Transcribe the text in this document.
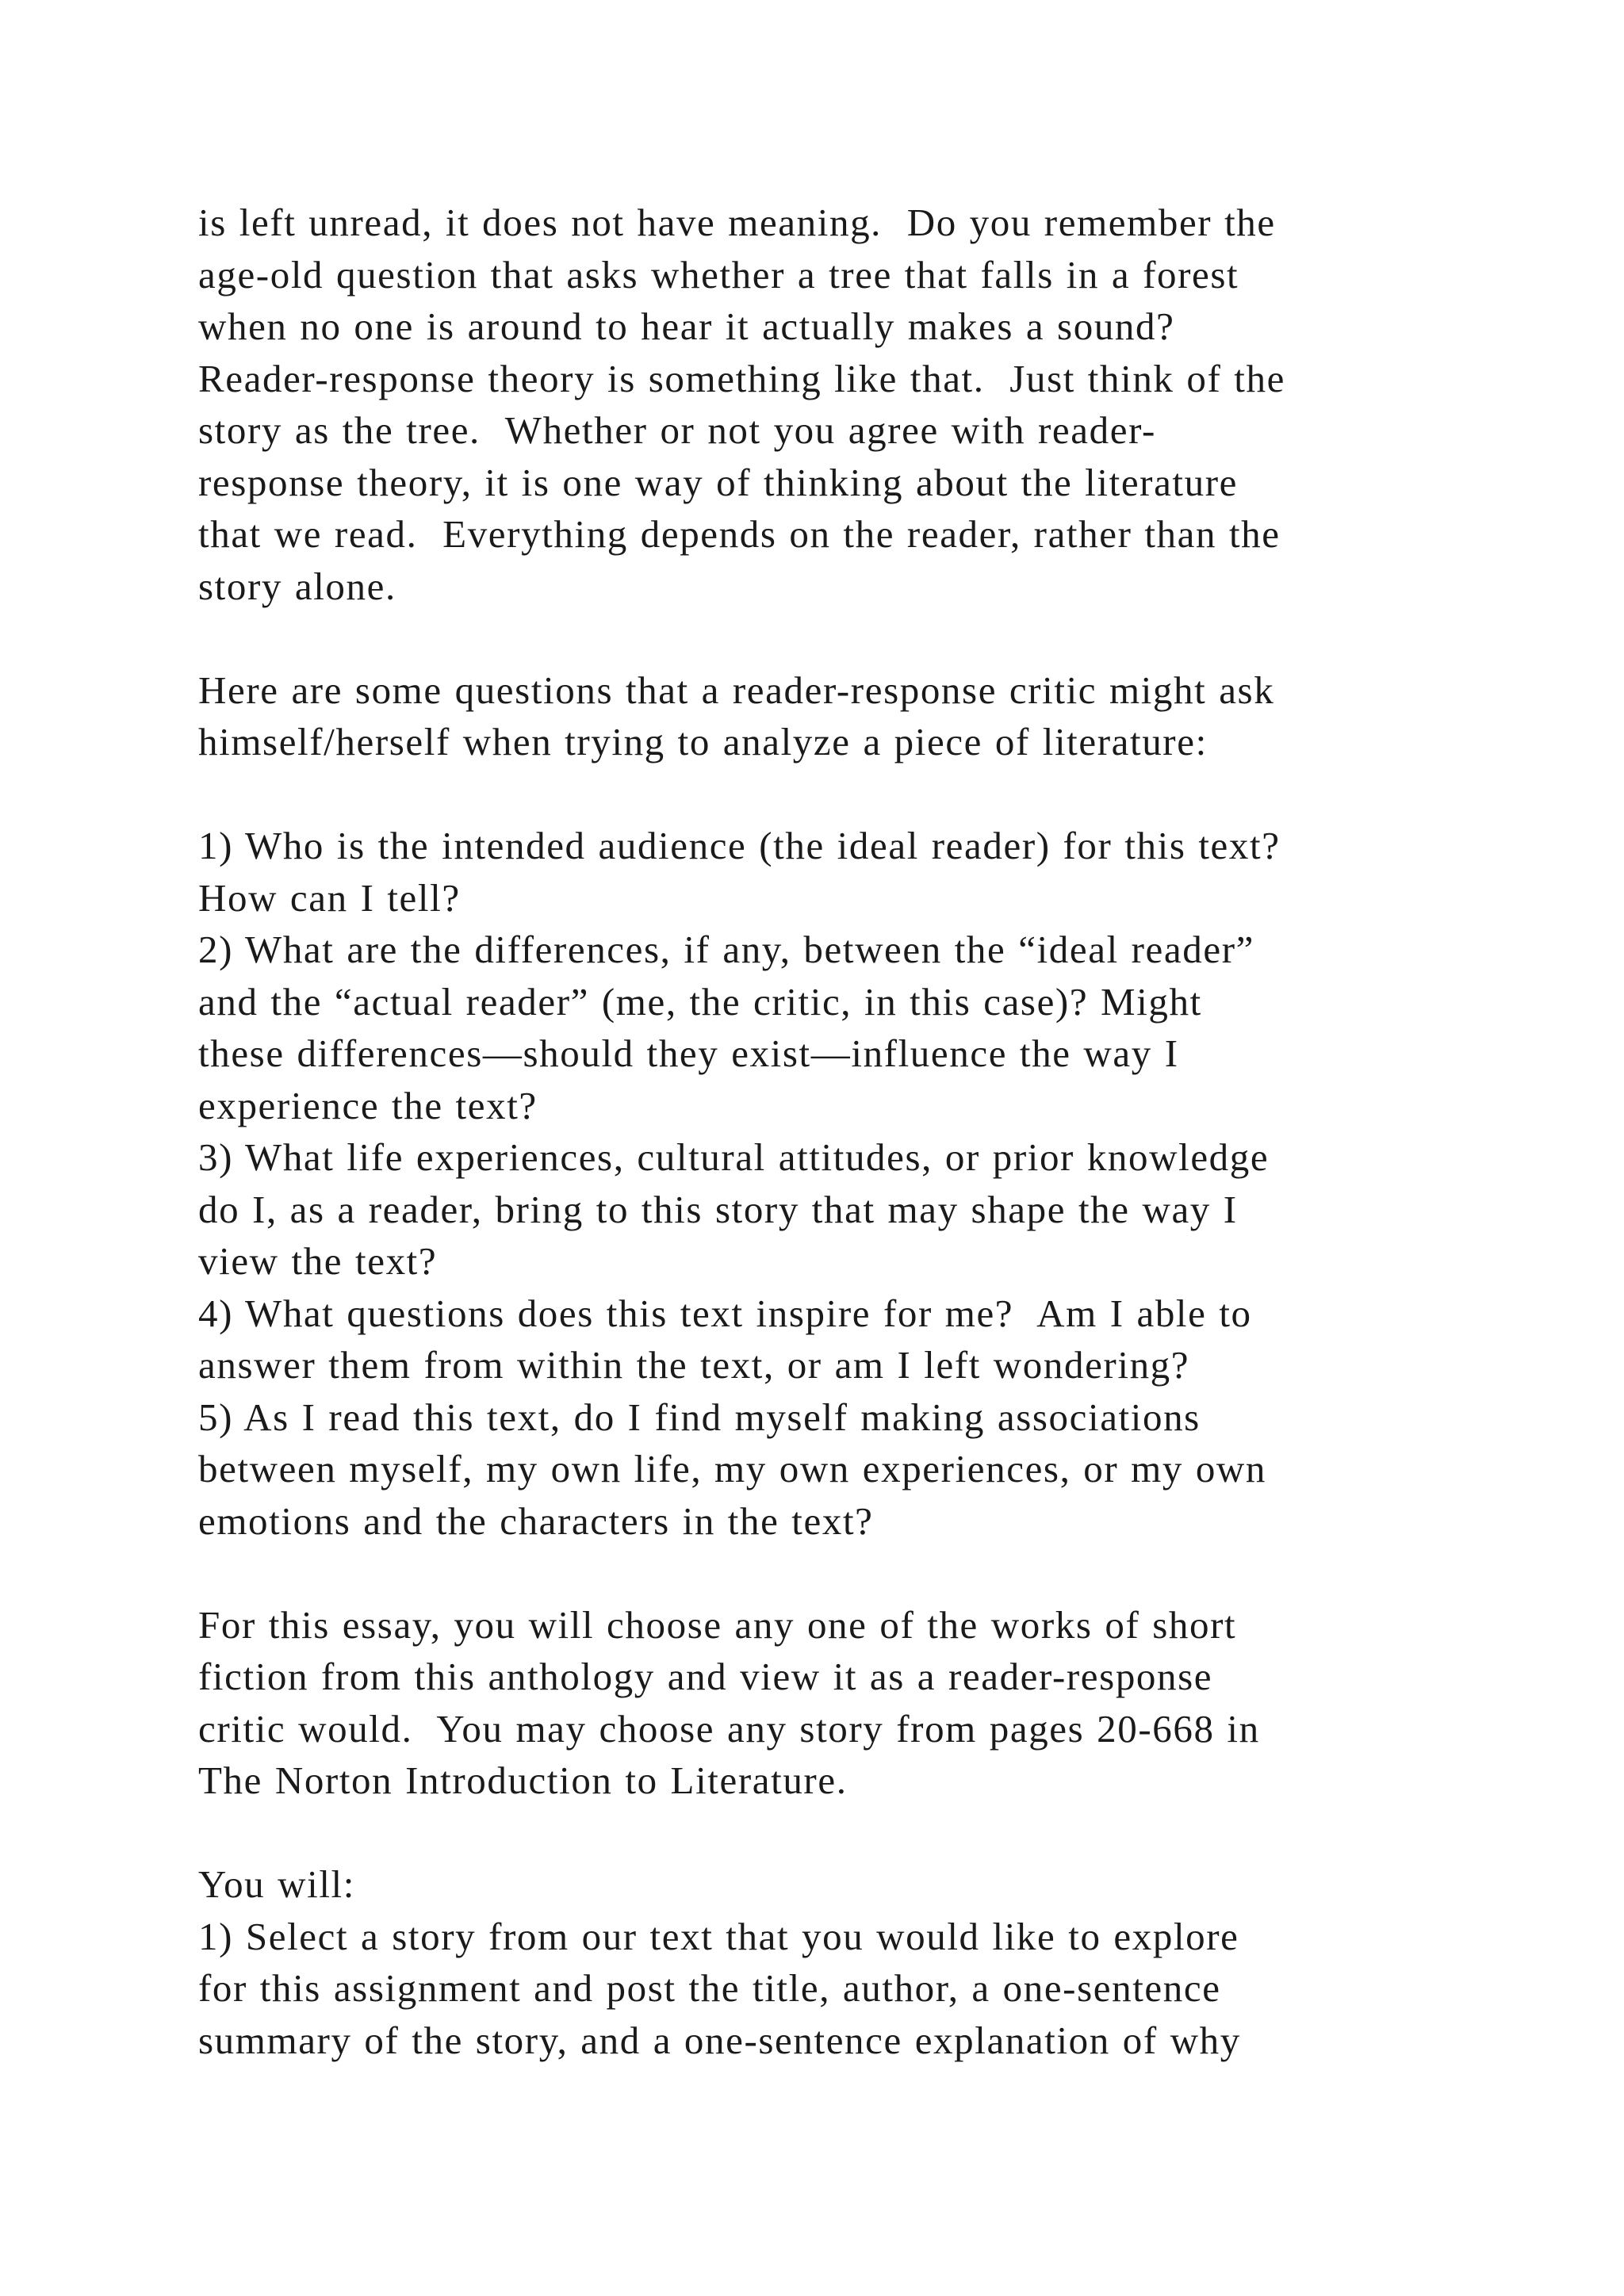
is left unread, it does not have meaning.  Do you remember the
age-old question that asks whether a tree that falls in a forest
when no one is around to hear it actually makes a sound?
Reader-response theory is something like that.  Just think of the
story as the tree.  Whether or not you agree with reader-
response theory, it is one way of thinking about the literature
that we read.  Everything depends on the reader, rather than the
story alone.
Here are some questions that a reader-response critic might ask
himself/herself when trying to analyze a piece of literature:
1) Who is the intended audience (the ideal reader) for this text?
How can I tell?
2) What are the differences, if any, between the “ideal reader”
and the “actual reader” (me, the critic, in this case)? Might
these differences—should they exist—influence the way I
experience the text?
3) What life experiences, cultural attitudes, or prior knowledge
do I, as a reader, bring to this story that may shape the way I
view the text?
4) What questions does this text inspire for me?  Am I able to
answer them from within the text, or am I left wondering?
5) As I read this text, do I find myself making associations
between myself, my own life, my own experiences, or my own
emotions and the characters in the text?
For this essay, you will choose any one of the works of short
fiction from this anthology and view it as a reader-response
critic would.  You may choose any story from pages 20-668 in
The Norton Introduction to Literature.
You will:
1) Select a story from our text that you would like to explore
for this assignment and post the title, author, a one-sentence
summary of the story, and a one-sentence explanation of why
